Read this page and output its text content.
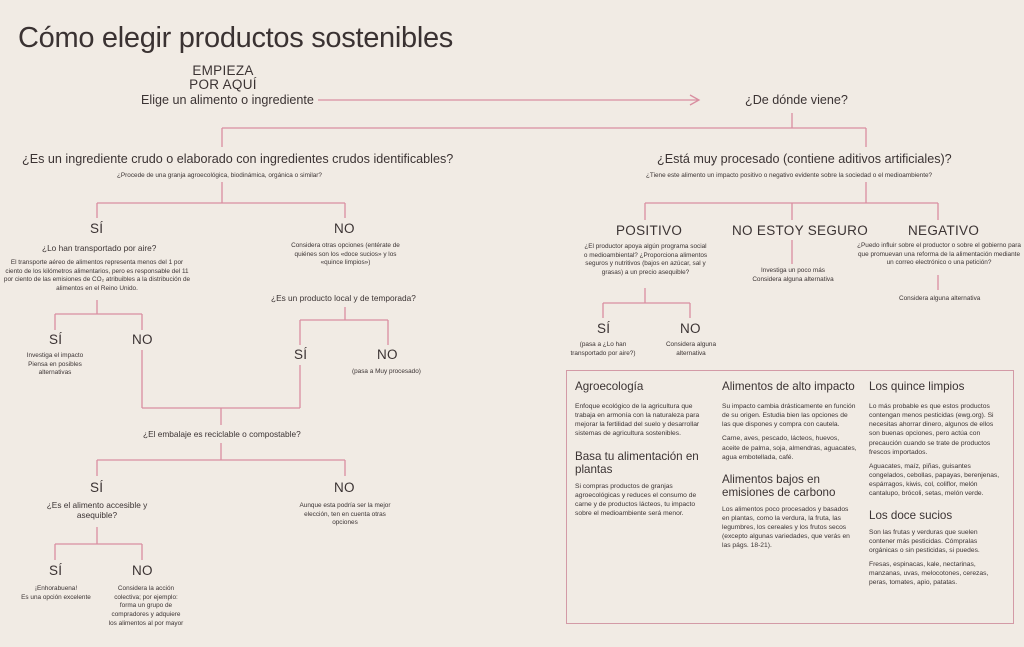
Cómo elegir productos sostenibles
EMPIEZA
POR AQUÍ
Elige un alimento o ingrediente	¿De dónde viene?
¿Es un ingrediente crudo o elaborado con ingredientes crudos identificables?
¿Procede de una granja agroecológica, biodinámica, orgánica o similar?
SÍ
¿Lo han transportado por aire?
El transporte aéreo de alimentos representa menos del 1 por ciento de los kilómetros alimentarios, pero es responsable del 11 por ciento de las emisiones de CO₂ atribuibles a la distribución de alimentos en el Reino Unido.
SÍ
Investiga el impacto
Piensa en posibles alternativas
NO
NO
Considera otras opciones (entérate de quiénes son los «doce sucios» y los «quince limpios»)
¿Es un producto local y de temporada?
SÍ	NO
(pasa a Muy procesado)
¿El embalaje es reciclable o compostable?
SÍ
¿Es el alimento accesible y asequible?
NO
Aunque esta podría ser la mejor elección, ten en cuenta otras opciones
SÍ
¡Enhorabuena!
Es una opción excelente
NO
Considera la acción colectiva; por ejemplo: forma un grupo de compradores y adquiere los alimentos al por mayor
¿Está muy procesado (contiene aditivos artificiales)?
¿Tiene este alimento un impacto positivo o negativo evidente sobre la sociedad o el medioambiente?
POSITIVO
¿El productor apoya algún programa social o medioambiental? ¿Proporciona alimentos seguros y nutritivos (bajos en azúcar, sal y grasas) a un precio asequible?
SÍ
(pasa a ¿Lo han transportado por aire?)
NO
Considera alguna alternativa
NO ESTOY SEGURO
Investiga un poco más
Considera alguna alternativa
NEGATIVO
¿Puedo influir sobre el productor o sobre el gobierno para que promuevan una reforma de la alimentación mediante un correo electrónico o una petición?
Considera alguna alternativa
Agroecología
Enfoque ecológico de la agricultura que trabaja en armonía con la naturaleza para mejorar la fertilidad del suelo y desarrollar sistemas de agricultura sostenibles.
Basa tu alimentación en plantas
Si compras productos de granjas agroecológicas y reduces el consumo de carne y de productos lácteos, tu impacto sobre el medioambiente será menor.
Alimentos de alto impacto
Su impacto cambia drásticamente en función de su origen. Estudia bien las opciones de las que dispones y compra con cautela.
Carne, aves, pescado, lácteos, huevos, aceite de palma, soja, almendras, aguacates, agua embotellada, café.
Alimentos bajos en emisiones de carbono
Los alimentos poco procesados y basados en plantas, como la verdura, la fruta, las legumbres, los cereales y los frutos secos (excepto algunas variedades, que verás en las págs. 18-21).
Los quince limpios
Lo más probable es que estos productos contengan menos pesticidas (ewg.org). Si necesitas ahorrar dinero, algunos de ellos son buenas opciones, pero actúa con precaución cuando se trate de productos frescos importados.
Aguacates, maíz, piñas, guisantes congelados, cebollas, papayas, berenjenas, espárragos, kiwis, col, coliflor, melón cantalupo, brócoli, setas, melón verde.
Los doce sucios
Son las frutas y verduras que suelen contener más pesticidas. Cómpralas orgánicas o sin pesticidas, si puedes.
Fresas, espinacas, kale, nectarinas, manzanas, uvas, melocotones, cerezas, peras, tomates, apio, patatas.
